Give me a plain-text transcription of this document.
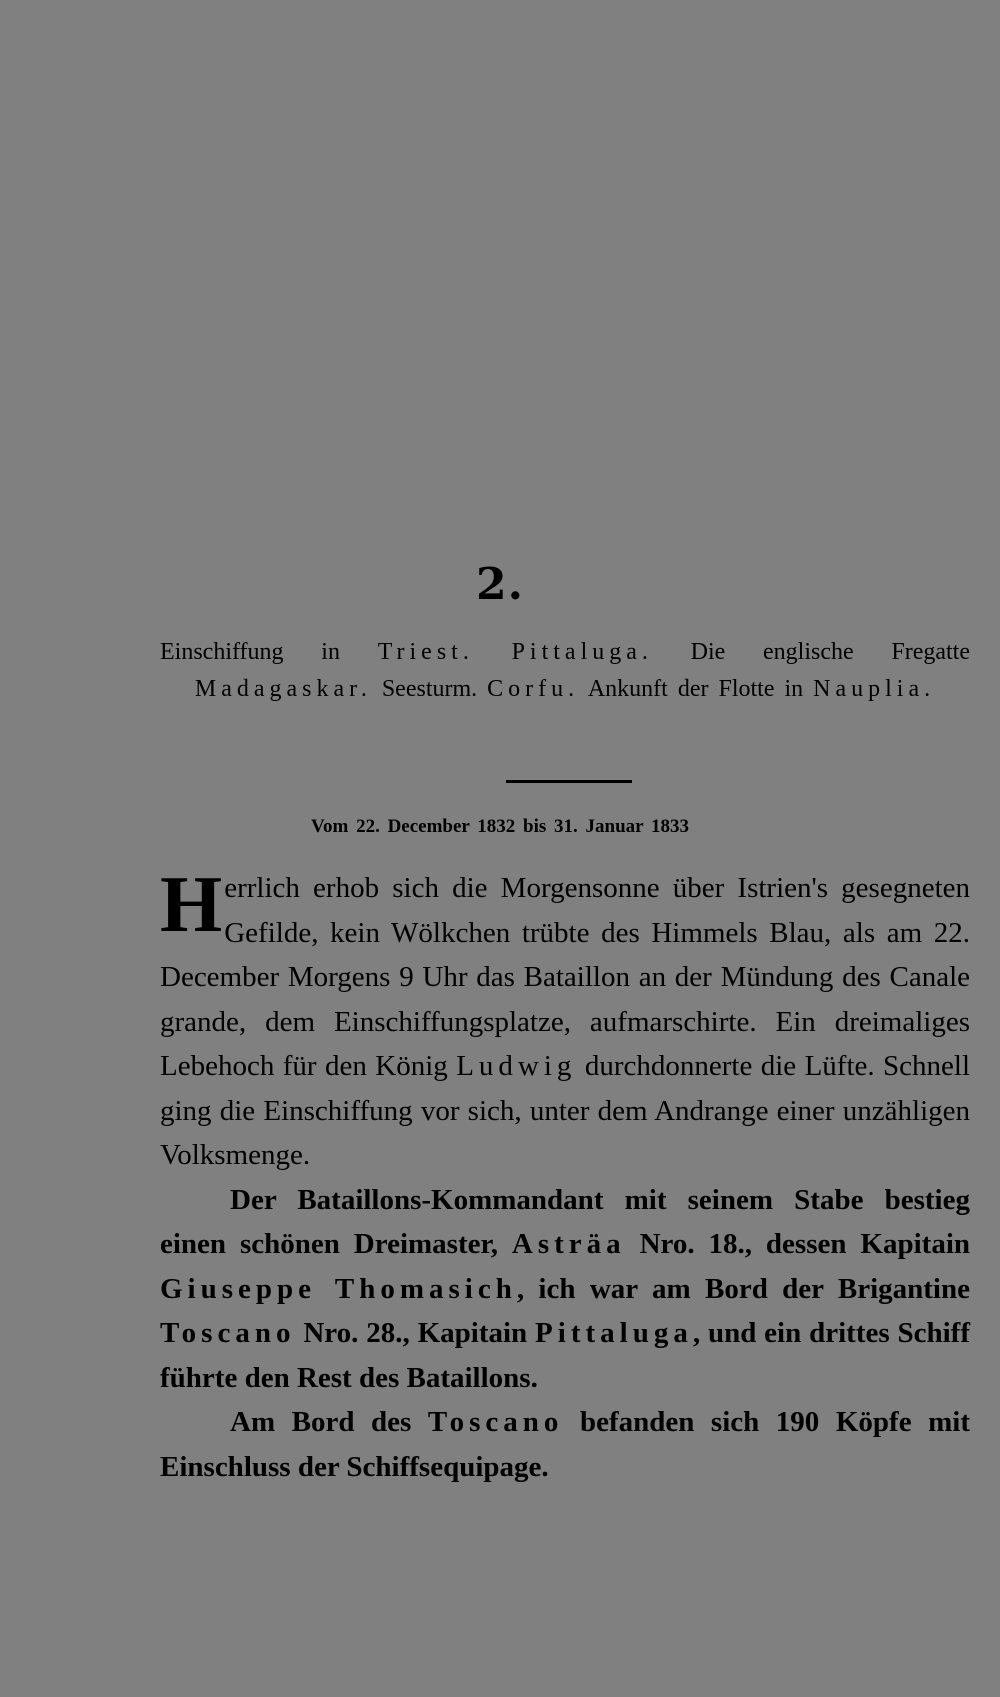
2.
Einschiffung in Triest. Pittaluga. Die englische Fregatte Madagaskar. Seesturm. Corfu. Ankunft der Flotte in Nauplia.
Vom 22. December 1832 bis 31. Januar 1833

Herrlich erhob sich die Morgensonne über Istrien's gesegneten Gefilde, kein Wölkchen trübte des Himmels Blau, als am 22. December Morgens 9 Uhr das Bataillon an der Mündung des Canale grande, dem Einschiffungsplatze, aufmarschirte. Ein dreimaliges Lebehoch für den König Ludwig durchdonnerte die Lüfte. Schnell ging die Einschiffung vor sich, unter dem Andrange einer unzähligen Volksmenge.

Der Bataillons-Kommandant mit seinem Stabe bestieg einen schönen Dreimaster, Asträa Nro. 18., dessen Kapitain Giuseppe Thomasich, ich war am Bord der Brigantine Toscano Nro. 28., Kapitain Pittaluga, und ein drittes Schiff führte den Rest des Bataillons.

Am Bord des Toscano befanden sich 190 Köpfe mit Einschluss der Schiffsequipage.
